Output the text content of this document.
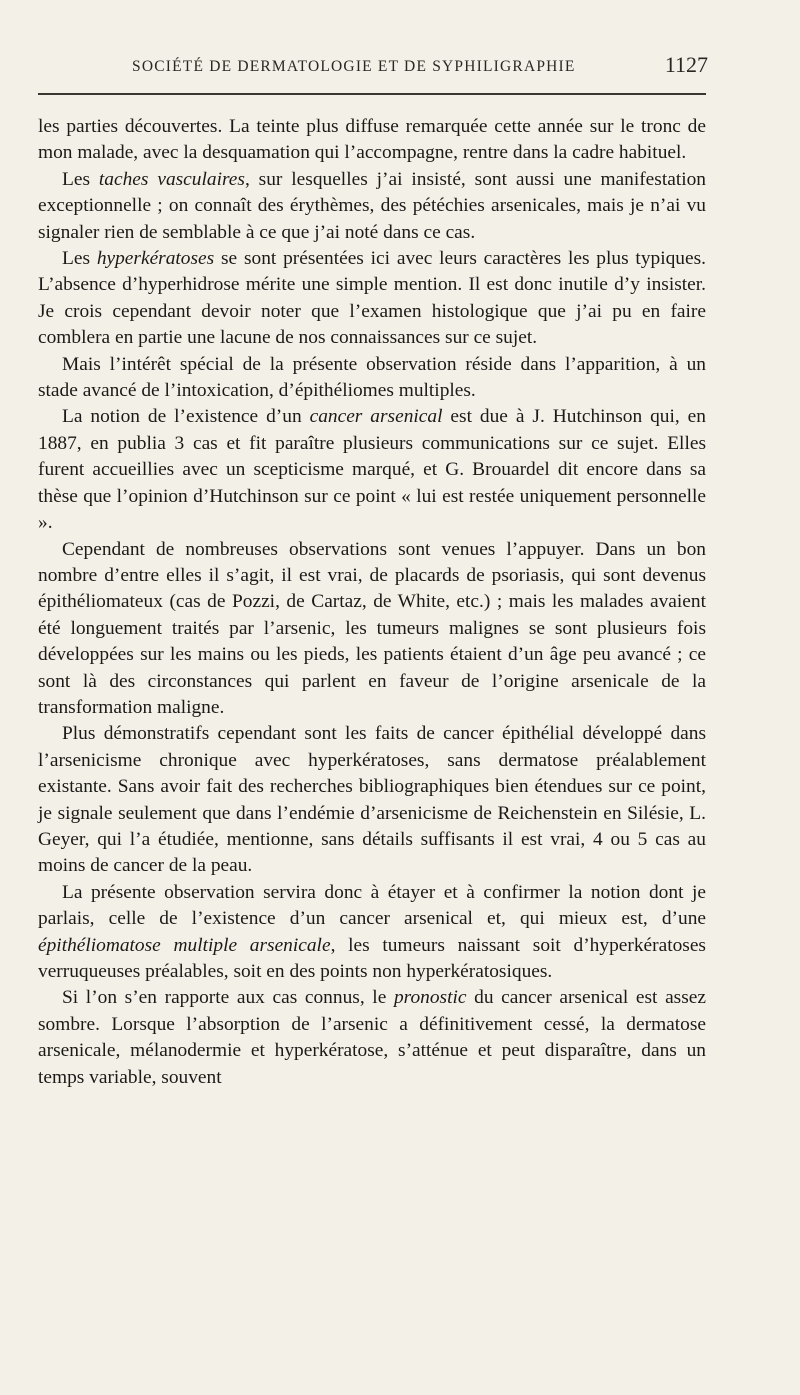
SOCIÉTÉ DE DERMATOLOGIE ET DE SYPHILIGRAPHIE	1127

les parties découvertes. La teinte plus diffuse remarquée cette année sur le tronc de mon malade, avec la desquamation qui l’accompagne, rentre dans la cadre habituel.

Les taches vasculaires, sur lesquelles j’ai insisté, sont aussi une manifestation exceptionnelle ; on connaît des érythèmes, des pétéchies arsenicales, mais je n’ai vu signaler rien de semblable à ce que j’ai noté dans ce cas.

Les hyperkératoses se sont présentées ici avec leurs caractères les plus typiques. L’absence d’hyperhidrose mérite une simple mention. Il est donc inutile d’y insister. Je crois cependant devoir noter que l’examen histologique que j’ai pu en faire comblera en partie une lacune de nos connaissances sur ce sujet.

Mais l’intérêt spécial de la présente observation réside dans l’apparition, à un stade avancé de l’intoxication, d’épithéliomes multiples.

La notion de l’existence d’un cancer arsenical est due à J. Hutchinson qui, en 1887, en publia 3 cas et fit paraître plusieurs communications sur ce sujet. Elles furent accueillies avec un scepticisme marqué, et G. Brouardel dit encore dans sa thèse que l’opinion d’Hutchinson sur ce point « lui est restée uniquement personnelle ».

Cependant de nombreuses observations sont venues l’appuyer. Dans un bon nombre d’entre elles il s’agit, il est vrai, de placards de psoriasis, qui sont devenus épithéliomateux (cas de Pozzi, de Cartaz, de White, etc.) ; mais les malades avaient été longuement traités par l’arsenic, les tumeurs malignes se sont plusieurs fois développées sur les mains ou les pieds, les patients étaient d’un âge peu avancé ; ce sont là des circonstances qui parlent en faveur de l’origine arsenicale de la transformation maligne.

Plus démonstratifs cependant sont les faits de cancer épithélial développé dans l’arsenicisme chronique avec hyperkératoses, sans dermatose préalablement existante. Sans avoir fait des recherches bibliographiques bien étendues sur ce point, je signale seulement que dans l’endémie d’arsenicisme de Reichenstein en Silésie, L. Geyer, qui l’a étudiée, mentionne, sans détails suffisants il est vrai, 4 ou 5 cas au moins de cancer de la peau.

La présente observation servira donc à étayer et à confirmer la notion dont je parlais, celle de l’existence d’un cancer arsenical et, qui mieux est, d’une épithéliomatose multiple arsenicale, les tumeurs naissant soit d’hyperkératoses verruqueuses préalables, soit en des points non hyperkératosiques.

Si l’on s’en rapporte aux cas connus, le pronostic du cancer arsenical est assez sombre. Lorsque l’absorption de l’arsenic a définitivement cessé, la dermatose arsenicale, mélanodermie et hyperkératose, s’atténue et peut disparaître, dans un temps variable, souvent
